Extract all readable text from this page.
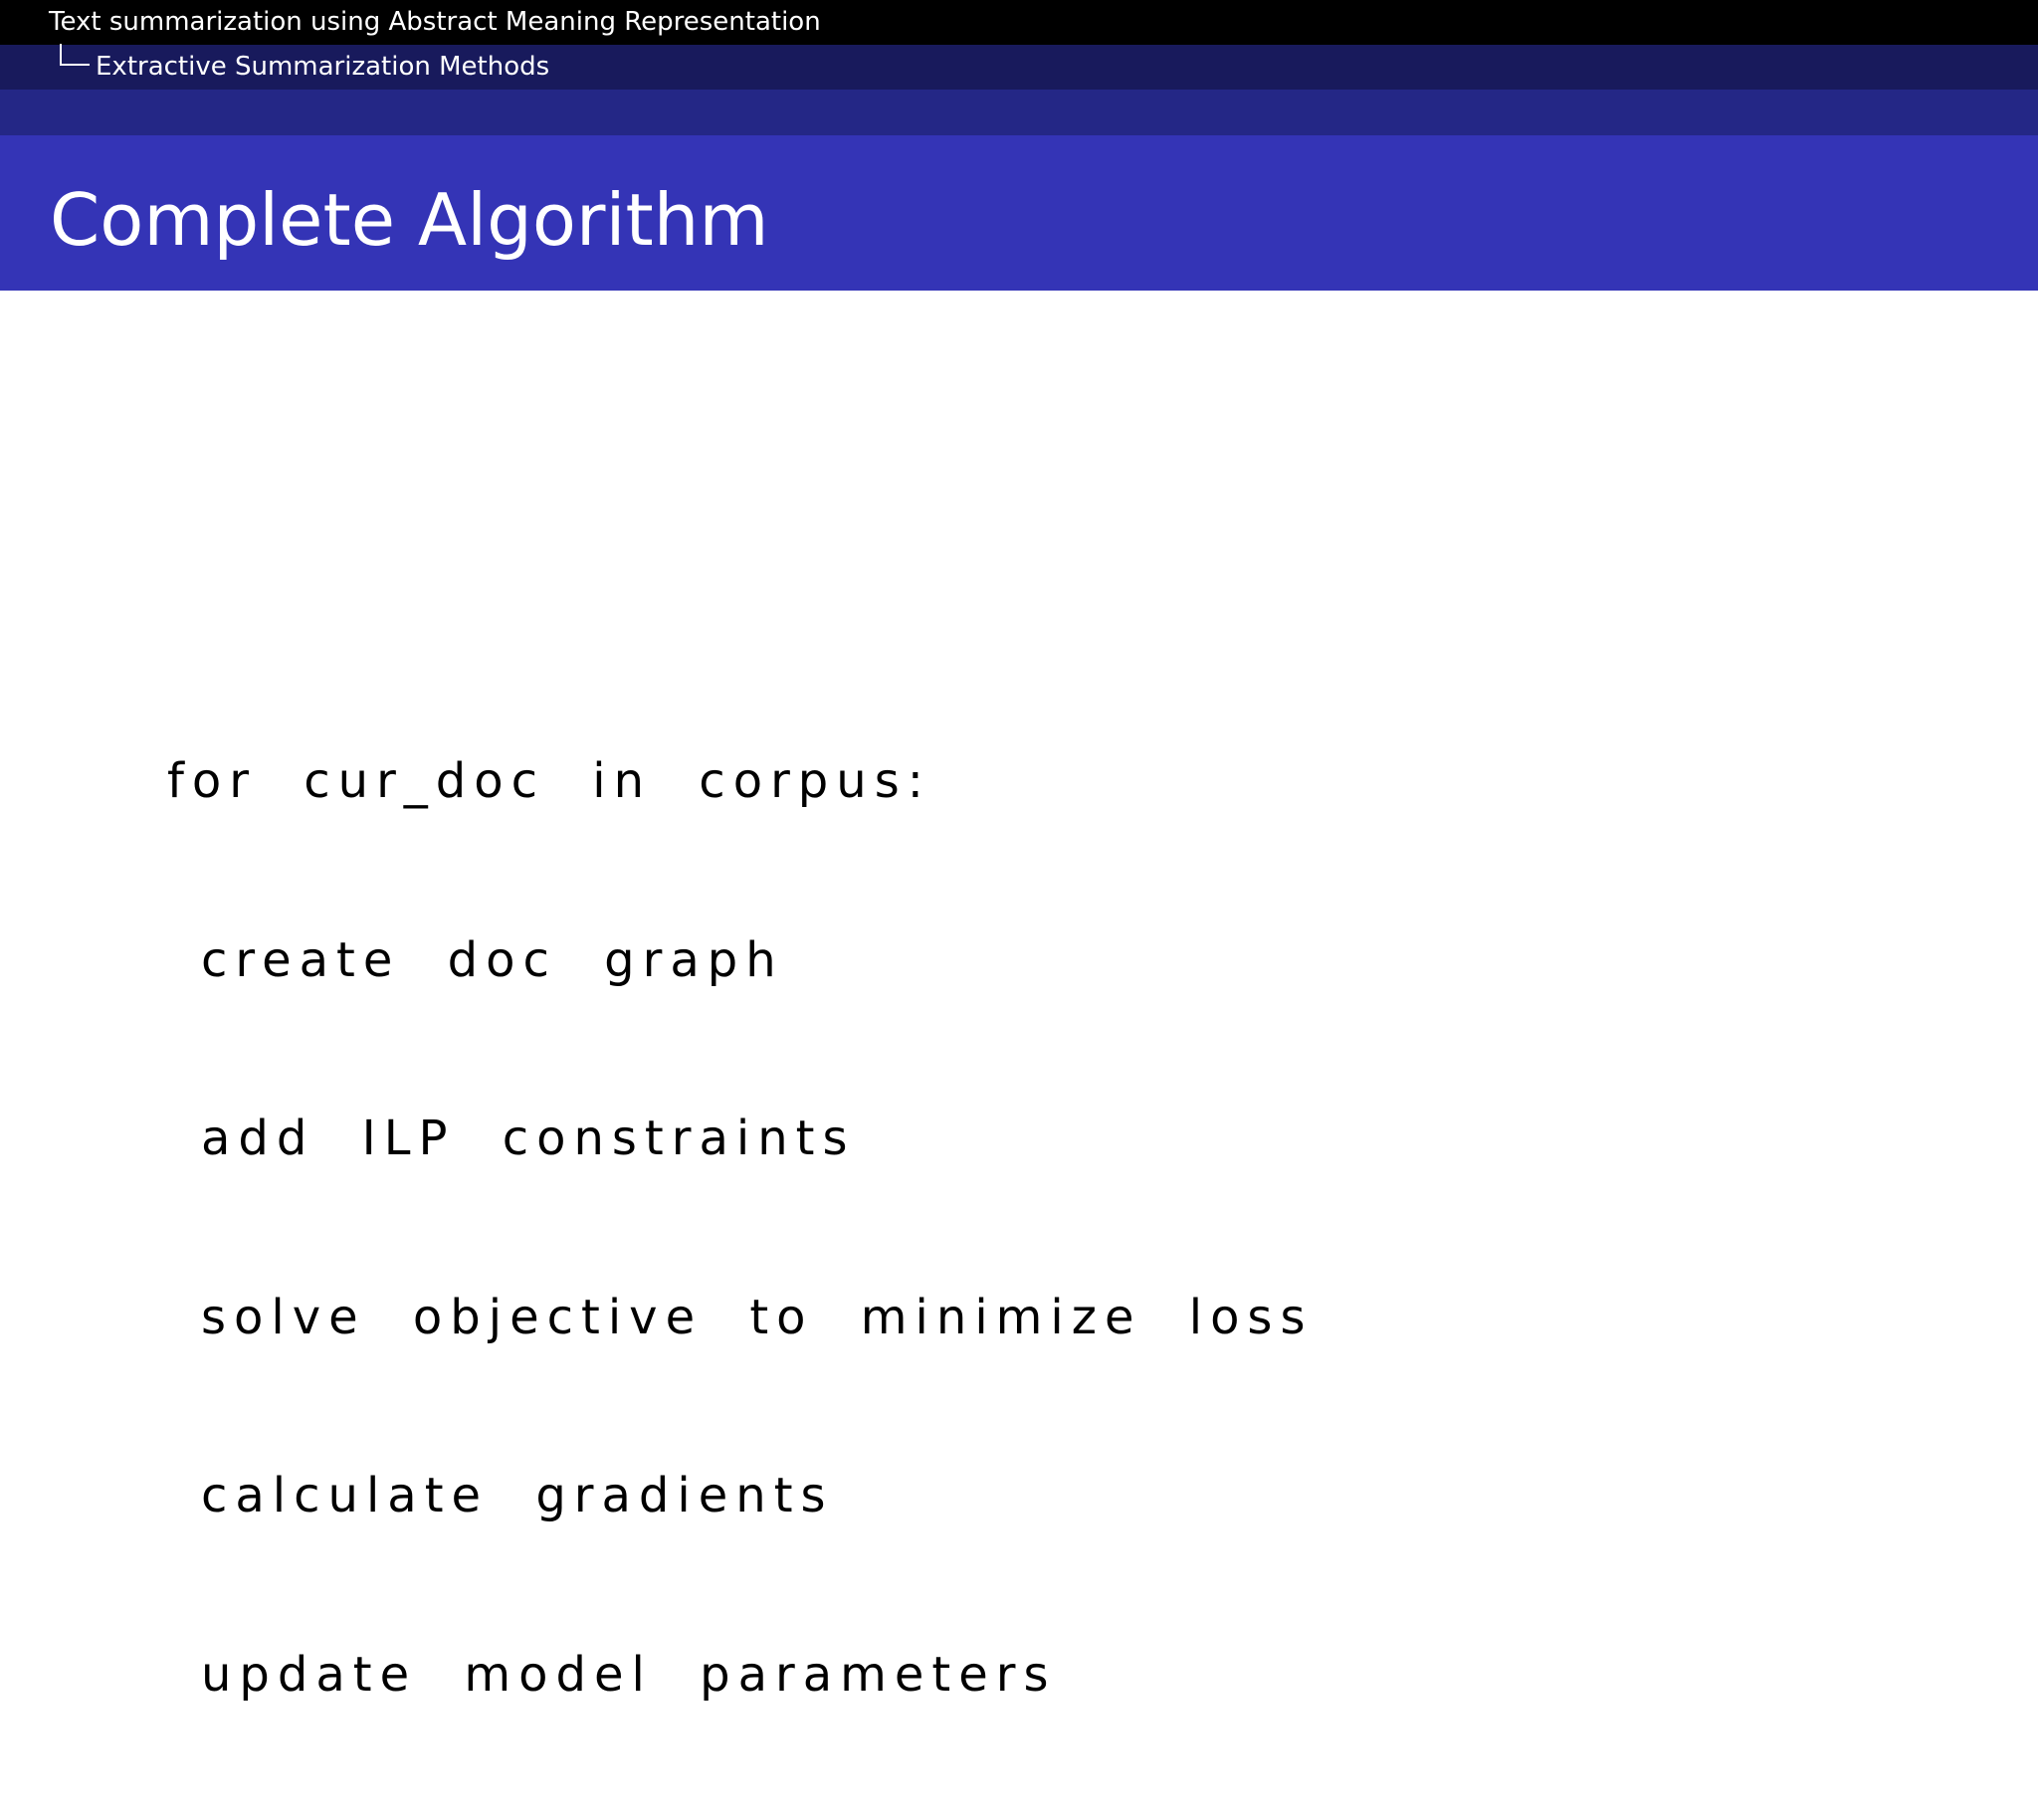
Text summarization using Abstract Meaning Representation
Extractive Summarization Methods
Complete Algorithm

for cur_doc in corpus:

create doc graph

add ILP constraints

solve objective to minimize loss

calculate gradients

update model parameters
